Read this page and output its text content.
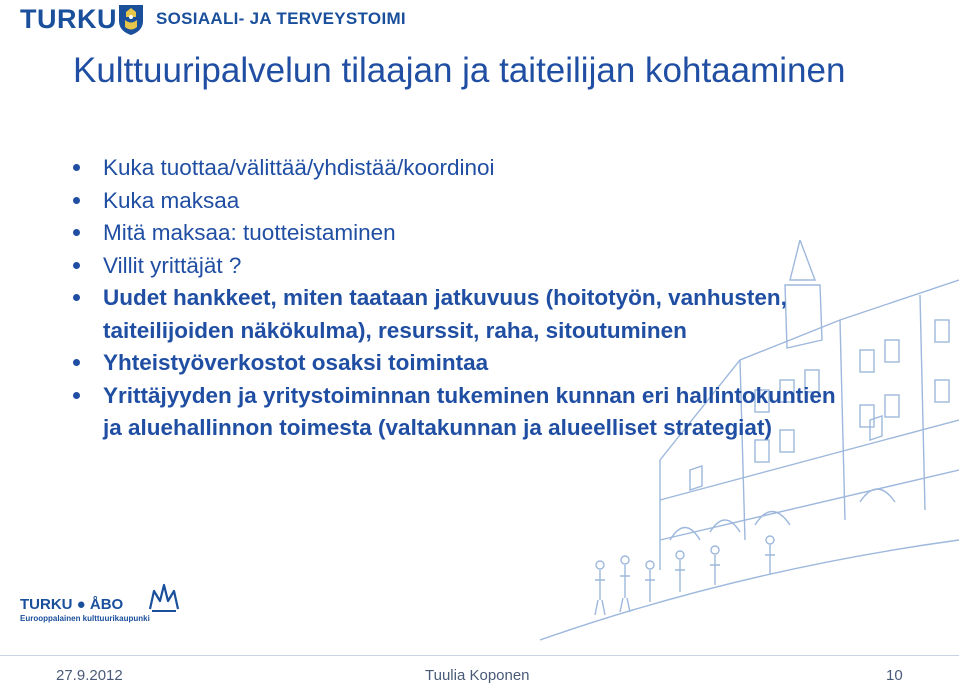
TURKU SOSIAALI- JA TERVEYSTOIMI
Kulttuuripalvelun tilaajan ja taiteilijan kohtaaminen
Kuka tuottaa/välittää/yhdistää/koordinoi
Kuka maksaa
Mitä maksaa: tuotteistaminen
Villit yrittäjät ?
Uudet hankkeet, miten taataan jatkuvuus (hoitotyön, vanhusten, taiteilijoiden näkökulma), resurssit, raha, sitoutuminen
Yhteistyöverkostot osaksi toimintaa
Yrittäjyyden ja yritystoiminnan tukeminen kunnan eri hallintokuntien ja aluehallinnon toimesta (valtakunnan ja alueelliset strategiat)
TURKU ● ÅBO
Eurooppalainen kulttuurikaupunki
27.9.2012	Tuulia Koponen	10
